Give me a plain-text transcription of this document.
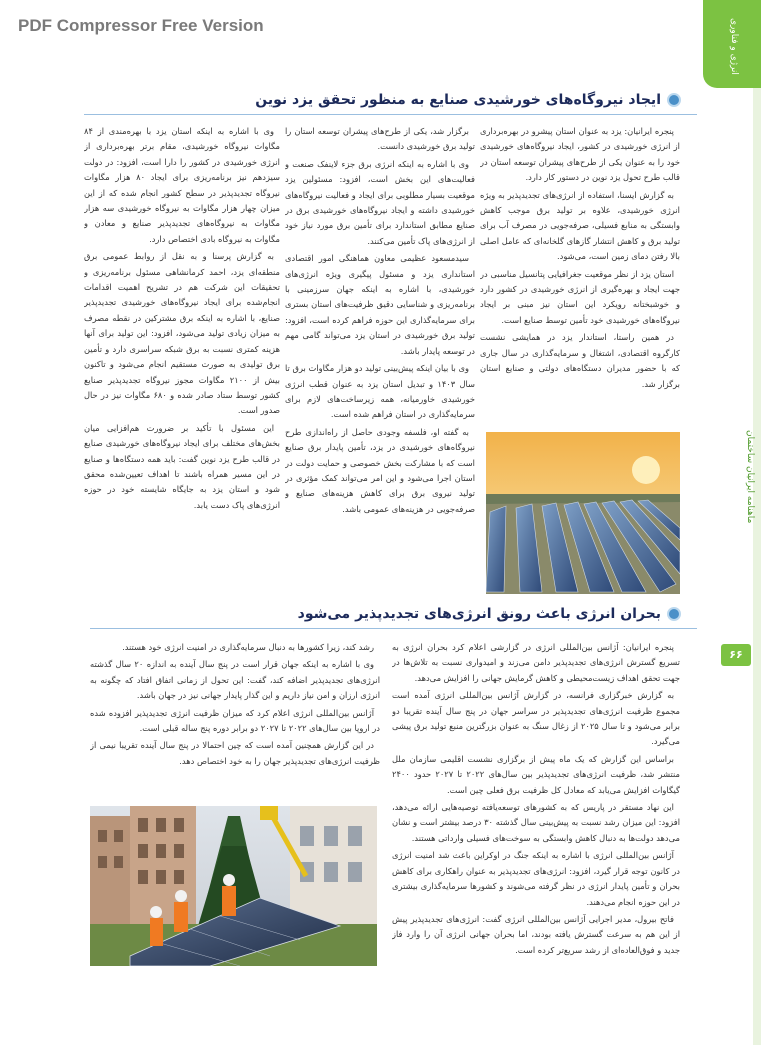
PDF Compressor Free Version	انرژی و فناوری
ماهنامه ایرانیان ساختمان
۶۶
ایجاد نیروگاه‌های خورشیدی صنایع به منظور تحقق یزد نوین

پنجره ایرانیان: یزد به عنوان استان پیشرو در بهره‌برداری از انرژی خورشیدی در کشور، ایجاد نیروگاه‌های خورشیدی خود را به عنوان یکی از طرح‌های پیشران توسعه استان در قالب طرح تحول یزد نوین در دستور کار دارد.

به گزارش ایسنا، استفاده از انرژی‌های تجدیدپذیر به ویژه انرژی خورشیدی، علاوه بر تولید برق موجب کاهش وابستگی به منابع فسیلی، صرفه‌جویی در مصرف آب برای تولید برق و کاهش انتشار گازهای گلخانه‌ای که عامل اصلی بالا رفتن دمای زمین است، می‌شود.

استان یزد از نظر موقعیت جغرافیایی پتانسیل مناسبی در جهت ایجاد و بهره‌گیری از انرژی خورشیدی در کشور دارد و خوشبختانه رویکرد این استان نیز مبنی بر ایجاد نیروگاه‌های خورشیدی خود تأمین توسط صنایع است.

در همین راستا، استاندار یزد در همایشی نشست کارگروه اقتصادی، اشتغال و سرمایه‌گذاری در سال جاری که با حضور مدیران دستگاه‌های دولتی و صنایع استان برگزار شد.

برگزار شد، یکی از طرح‌های پیشران توسعه استان را تولید برق خورشیدی دانست.

وی با اشاره به اینکه انرژی برق جزء لاینفک صنعت و فعالیت‌های این بخش است، افزود: مسئولین یزد موقعیت بسیار مطلوبی برای ایجاد و فعالیت نیروگاه‌های خورشیدی داشته و ایجاد نیروگاه‌های خورشیدی برق در صنایع مطابق استاندارد برای تأمین برق مورد نیاز خود از انرژی‌های پاک تأمین می‌کنند.

سیدمسعود عظیمی معاون هماهنگی امور اقتصادی استانداری یزد و مسئول پیگیری ویژه انرژی‌های خورشیدی، با اشاره به اینکه جهان سرزمینی با برنامه‌ریزی و شناسایی دقیق ظرفیت‌های استان بستری برای سرمایه‌گذاری این حوزه فراهم کرده است، افزود: تولید برق خورشیدی در استان یزد می‌تواند گامی مهم در توسعه پایدار باشد.

وی با بیان اینکه پیش‌بینی تولید دو هزار مگاوات برق تا سال ۱۴۰۳ و تبدیل استان یزد به عنوان قطب انرژی خورشیدی خاورمیانه، همه زیرساخت‌های لازم برای سرمایه‌گذاری در استان فراهم شده است.

به گفته او، فلسفه وجودی حاصل از راه‌اندازی طرح نیروگاه‌های خورشیدی در یزد، تأمین پایدار برق صنایع است که با مشارکت بخش خصوصی و حمایت دولت در استان اجرا می‌شود و این امر می‌تواند کمک مؤثری در تولید نیروی برق برای کاهش هزینه‌های صنایع و صرفه‌جویی در هزینه‌های عمومی باشد.

وی با اشاره به اینکه استان یزد با بهره‌مندی از ۸۴ مگاوات نیروگاه خورشیدی، مقام برتر بهره‌برداری از انرژی خورشیدی در کشور را دارا است، افزود: در دولت سیزدهم نیز برنامه‌ریزی برای ایجاد ۸۰ هزار مگاوات نیروگاه تجدیدپذیر در سطح کشور انجام شده که از این میزان چهار هزار مگاوات به نیروگاه خورشیدی سه هزار مگاوات به نیروگاه‌های تجدیدپذیر صنایع و معادن و مگاوات به نیروگاه بادی اختصاص دارد.

به گزارش پرسنا و به نقل از روابط عمومی برق منطقه‌ای یزد، احمد کرمانشاهی مسئول برنامه‌ریزی و تحقیقات این شرکت هم در تشریح اهمیت اقدامات انجام‌شده برای ایجاد نیروگاه‌های خورشیدی تجدیدپذیر صنایع، با اشاره به اینکه برق مشترکین در نقطه مصرف به میزان زیادی تولید می‌شود، افزود: این تولید برای آنها هزینه کمتری نسبت به برق شبکه سراسری دارد و تأمین برق تولیدی به صورت مستقیم انجام می‌شود و تاکنون بیش از ۲۱۰۰ مگاوات مجوز نیروگاه تجدیدپذیر صنایع کشور توسط ستاد صادر شده و ۶۸۰ مگاوات نیز در حال صدور است.

این مسئول با تأکید بر ضرورت هم‌افزایی میان بخش‌های مختلف برای ایجاد نیروگاه‌های خورشیدی صنایع در قالب طرح یزد نوین گفت: باید همه دستگاه‌ها و صنایع در این مسیر همراه باشند تا اهداف تعیین‌شده محقق شود و استان یزد به جایگاه شایسته خود در حوزه انرژی‌های پاک دست یابد.

بحران انرژی باعث رونق انرژی‌های تجدیدپذیر می‌شود

پنجره ایرانیان: آژانس بین‌المللی انرژی در گزارشی اعلام کرد بحران انرژی به تسریع گسترش انرژی‌های تجدیدپذیر دامن می‌زند و امیدواری نسبت به تلاش‌ها در جهت تحقق اهداف زیست‌محیطی و کاهش گرمایش جهانی را افزایش می‌دهد.

به گزارش خبرگزاری فرانسه، در گزارش آژانس بین‌المللی انرژی آمده است مجموع ظرفیت انرژی‌های تجدیدپذیر در سراسر جهان در پنج سال آینده تقریبا دو برابر می‌شود و تا سال ۲۰۲۵ از زغال سنگ به عنوان بزرگترین منبع تولید برق پیشی می‌گیرد.

براساس این گزارش که یک ماه پیش از برگزاری نشست اقلیمی سازمان ملل منتشر شد، ظرفیت انرژی‌های تجدیدپذیر بین سال‌های ۲۰۲۲ تا ۲۰۲۷ حدود ۲۴۰۰ گیگاوات افزایش می‌یابد که معادل کل ظرفیت برق فعلی چین است.

این نهاد مستقر در پاریس که به کشورهای توسعه‌یافته توصیه‌هایی ارائه می‌دهد، افزود: این میزان رشد نسبت به پیش‌بینی سال گذشته ۳۰ درصد بیشتر است و نشان می‌دهد دولت‌ها به دنبال کاهش وابستگی به سوخت‌های فسیلی وارداتی هستند.

آژانس بین‌المللی انرژی با اشاره به اینکه جنگ در اوکراین باعث شد امنیت انرژی در کانون توجه قرار گیرد، افزود: انرژی‌های تجدیدپذیر به عنوان راهکاری برای کاهش بحران و تأمین پایدار انرژی در نظر گرفته می‌شوند و کشورها سرمایه‌گذاری بیشتری در این حوزه انجام می‌دهند.

فاتح بیرول، مدیر اجرایی آژانس بین‌المللی انرژی گفت: انرژی‌های تجدیدپذیر پیش از این هم به سرعت گسترش یافته بودند، اما بحران جهانی انرژی آن را وارد فاز جدید و فوق‌العاده‌ای از رشد سریع‌تر کرده است.

رشد کند، زیرا کشورها به دنبال سرمایه‌گذاری در امنیت انرژی خود هستند.

وی با اشاره به اینکه جهان قرار است در پنج سال آینده به اندازه ۲۰ سال گذشته انرژی‌های تجدیدپذیر اضافه کند، گفت: این تحول از زمانی اتفاق افتاد که چگونه به انرژی ارزان و امن نیاز داریم و این گذار پایدار جهانی نیز در جهان باشد.

آژانس بین‌المللی انرژی اعلام کرد که میزان ظرفیت انرژی تجدیدپذیر افزوده شده در اروپا بین سال‌های ۲۰۲۲ تا ۲۰۲۷ دو برابر دوره پنج ساله قبلی است.

در این گزارش همچنین آمده است که چین احتمالا در پنج سال آینده تقریبا نیمی از ظرفیت انرژی‌های تجدیدپذیر جهان را به خود اختصاص دهد.
